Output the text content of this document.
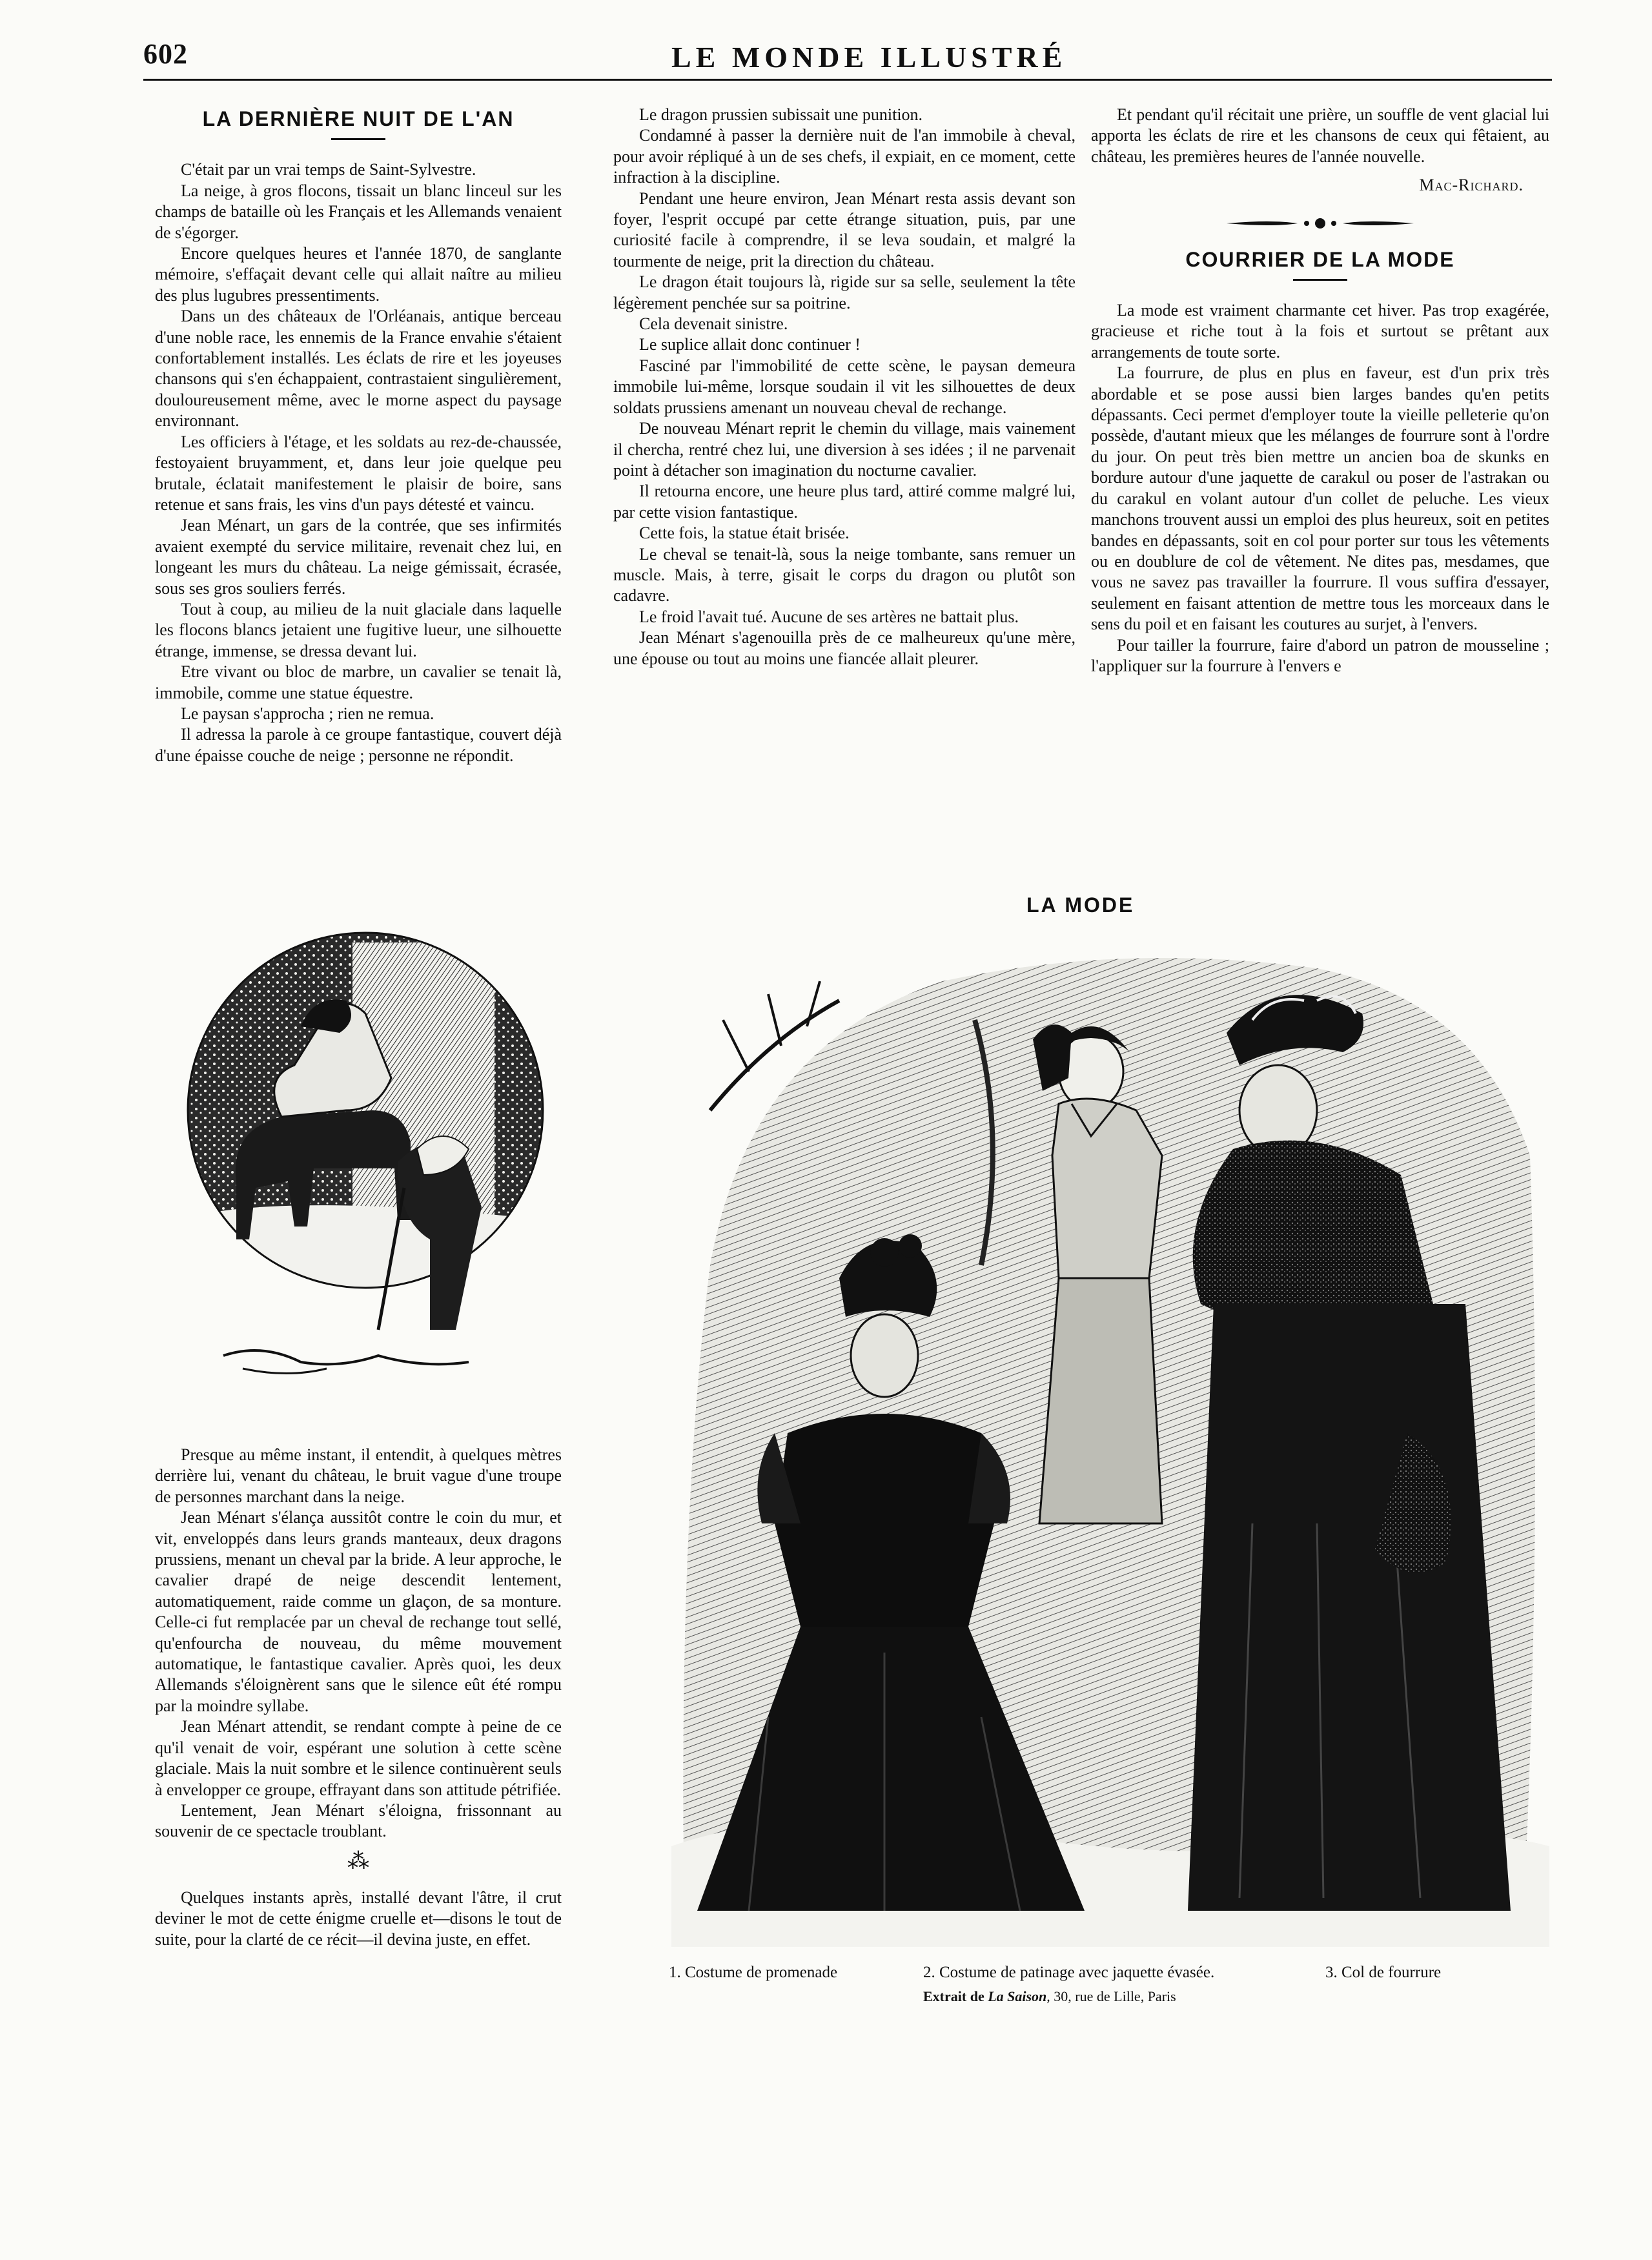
602	LE MONDE ILLUSTRÉ
LA DERNIÈRE NUIT DE L'AN

C'était par un vrai temps de Saint-Sylvestre.

La neige, à gros flocons, tissait un blanc linceul sur les champs de bataille où les Français et les Allemands venaient de s'égorger.

Encore quelques heures et l'année 1870, de sanglante mémoire, s'effaçait devant celle qui allait naître au milieu des plus lugubres pressentiments.

Dans un des châteaux de l'Orléanais, antique berceau d'une noble race, les ennemis de la France envahie s'étaient confortablement installés. Les éclats de rire et les joyeuses chansons qui s'en échappaient, contrastaient singulièrement, douloureusement même, avec le morne aspect du paysage environnant.

Les officiers à l'étage, et les soldats au rez-de-chaussée, festoyaient bruyamment, et, dans leur joie quelque peu brutale, éclatait manifestement le plaisir de boire, sans retenue et sans frais, les vins d'un pays détesté et vaincu.

Jean Ménart, un gars de la contrée, que ses infirmités avaient exempté du service militaire, revenait chez lui, en longeant les murs du château. La neige gémissait, écrasée, sous ses gros souliers ferrés.

Tout à coup, au milieu de la nuit glaciale dans laquelle les flocons blancs jetaient une fugitive lueur, une silhouette étrange, immense, se dressa devant lui.

Etre vivant ou bloc de marbre, un cavalier se tenait là, immobile, comme une statue équestre.

Le paysan s'approcha ; rien ne remua.

Il adressa la parole à ce groupe fantastique, couvert déjà d'une épaisse couche de neige ; personne ne répondit.

Presque au même instant, il entendit, à quelques mètres derrière lui, venant du château, le bruit vague d'une troupe de personnes marchant dans la neige.

Jean Ménart s'élança aussitôt contre le coin du mur, et vit, enveloppés dans leurs grands manteaux, deux dragons prussiens, menant un cheval par la bride. A leur approche, le cavalier drapé de neige descendit lentement, automatiquement, raide comme un glaçon, de sa monture. Celle-ci fut remplacée par un cheval de rechange tout sellé, qu'enfourcha de nouveau, du même mouvement automatique, le fantastique cavalier. Après quoi, les deux Allemands s'éloignèrent sans que le silence eût été rompu par la moindre syllabe.

Jean Ménart attendit, se rendant compte à peine de ce qu'il venait de voir, espérant une solution à cette scène glaciale. Mais la nuit sombre et le silence continuèrent seuls à envelopper ce groupe, effrayant dans son attitude pétrifiée.

Lentement, Jean Ménart s'éloigna, frissonnant au souvenir de ce spectacle troublant.

⁂

Quelques instants après, installé devant l'âtre, il crut deviner le mot de cette énigme cruelle et—disons le tout de suite, pour la clarté de ce récit—il devina juste, en effet.

Le dragon prussien subissait une punition.

Condamné à passer la dernière nuit de l'an immobile à cheval, pour avoir répliqué à un de ses chefs, il expiait, en ce moment, cette infraction à la discipline.

Pendant une heure environ, Jean Ménart resta assis devant son foyer, l'esprit occupé par cette étrange situation, puis, par une curiosité facile à comprendre, il se leva soudain, et malgré la tourmente de neige, prit la direction du château.

Le dragon était toujours là, rigide sur sa selle, seulement la tête légèrement penchée sur sa poitrine.

Cela devenait sinistre.

Le suplice allait donc continuer !

Fasciné par l'immobilité de cette scène, le paysan demeura immobile lui-même, lorsque soudain il vit les silhouettes de deux soldats prussiens amenant un nouveau cheval de rechange.

De nouveau Ménart reprit le chemin du village, mais vainement il chercha, rentré chez lui, une diversion à ses idées ; il ne parvenait point à détacher son imagination du nocturne cavalier.

Il retourna encore, une heure plus tard, attiré comme malgré lui, par cette vision fantastique.

Cette fois, la statue était brisée.

Le cheval se tenait-là, sous la neige tombante, sans remuer un muscle. Mais, à terre, gisait le corps du dragon ou plutôt son cadavre.

Le froid l'avait tué. Aucune de ses artères ne battait plus.

Jean Ménart s'agenouilla près de ce malheureux qu'une mère, une épouse ou tout au moins une fiancée allait pleurer.

Et pendant qu'il récitait une prière, un souffle de vent glacial lui apporta les éclats de rire et les chansons de ceux qui fêtaient, au château, les premières heures de l'année nouvelle.

Mac-Richard.
COURRIER DE LA MODE

La mode est vraiment charmante cet hiver. Pas trop exagérée, gracieuse et riche tout à la fois et surtout se prêtant aux arrangements de toute sorte.

La fourrure, de plus en plus en faveur, est d'un prix très abordable et se pose aussi bien larges bandes qu'en petits dépassants. Ceci permet d'employer toute la vieille pelleterie qu'on possède, d'autant mieux que les mélanges de fourrure sont à l'ordre du jour. On peut très bien mettre un ancien boa de skunks en bordure autour d'une jaquette de carakul ou poser de l'astrakan ou du carakul en volant autour d'un collet de peluche. Les vieux manchons trouvent aussi un emploi des plus heureux, soit en petites bandes en dépassants, soit en col pour porter sur tous les vêtements ou en doublure de col de vêtement. Ne dites pas, mesdames, que vous ne savez pas travailler la fourrure. Il vous suffira d'essayer, seulement en faisant attention de mettre tous les morceaux dans le sens du poil et en faisant les coutures au surjet, à l'envers.

Pour tailler la fourrure, faire d'abord un patron de mousseline ; l'appliquer sur la fourrure à l'envers e

LA MODE
1. Costume de promenade	2. Costume de patinage avec jaquette évasée.	3. Col de fourrure
Extrait de La Saison, 30, rue de Lille, Paris
